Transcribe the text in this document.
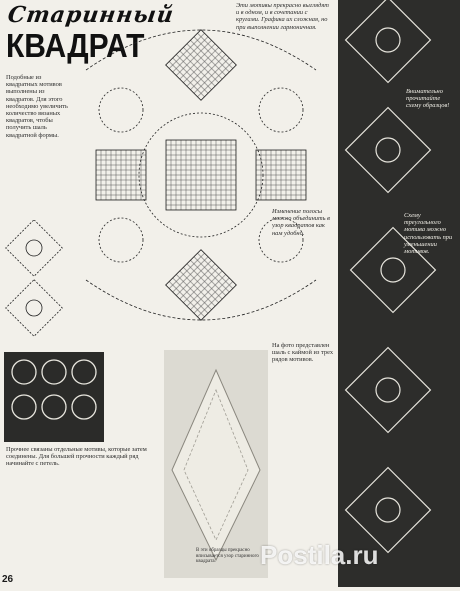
Старинный
КВАДРАТ
Подобные из квадратных мотивов выполнены из квадратов. Для этого необходимо увеличить количество вязаных квадратов, чтобы получить шаль квадратной формы.
Эти мотивы прекрасно выглядят и в одном, и в сочетании с кругами. Графика их сложная, но при выполнении гармоничная.
Изменение полосы можно объединить в узор квадратов как нам удобно.
Внимательно прочитайте схему образцов!
Схему треугольного мотива можно использовать при уменьшении мотивов.
Прочнее связаны отдельные мотивы, которые затем соединены. Для большей прочности каждый ряд начинайте с петель.
На фото представлен шаль с каймой из трех рядов мотивов.
В эти образцы прекрасно вписывается узор старинного квадрата.
26
Postila.ru
